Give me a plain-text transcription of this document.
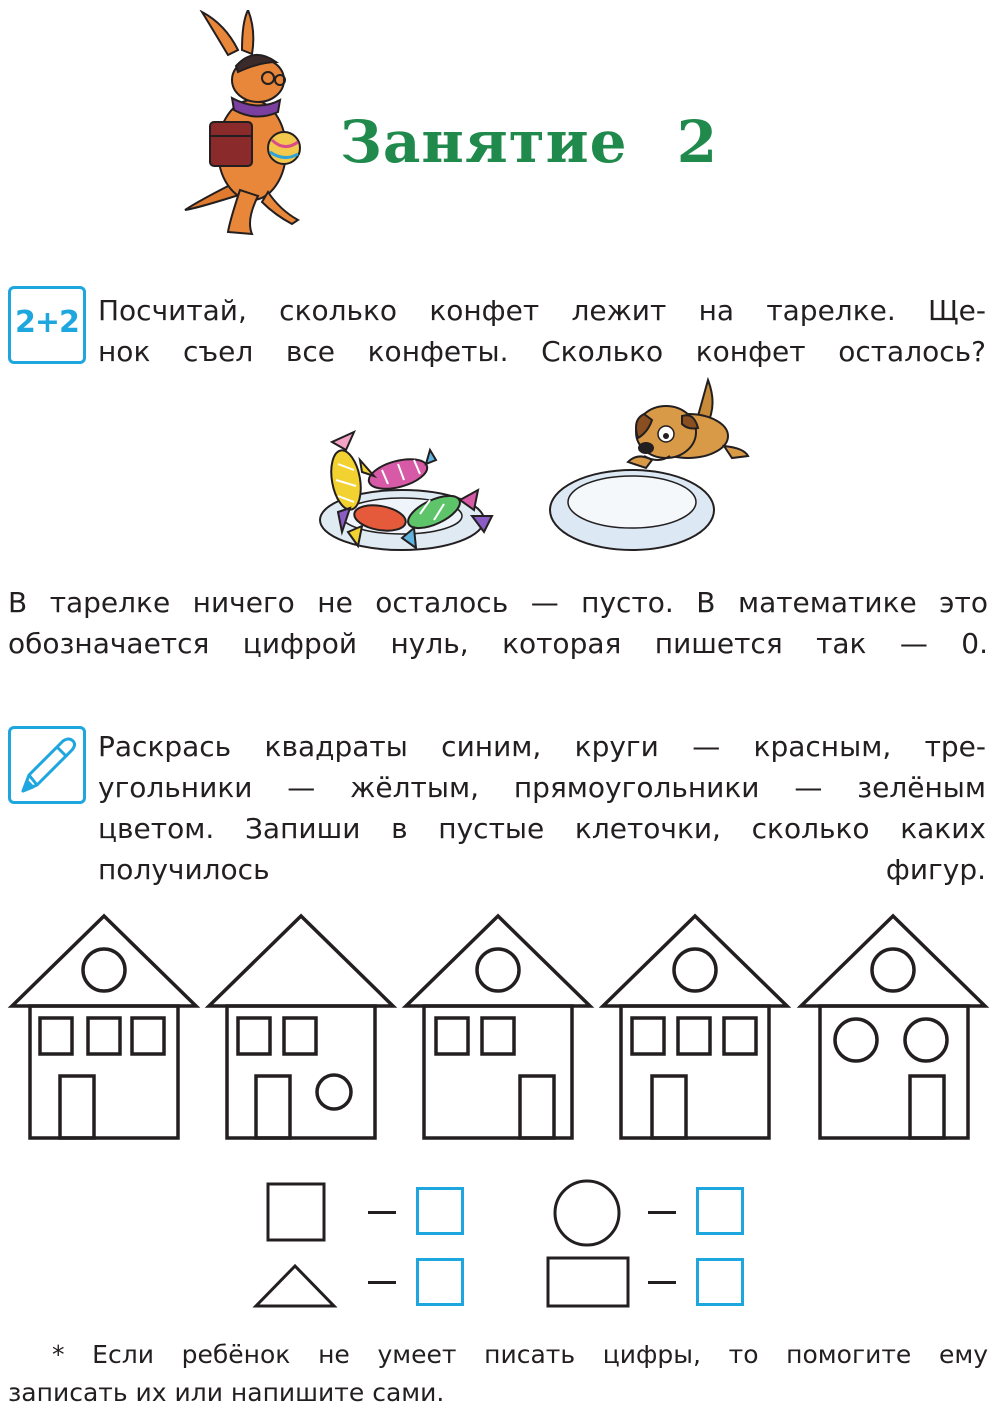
Занятие 2
2+2 Посчитай, сколько конфет лежит на тарелке. Ще-
нок съел все конфеты. Сколько конфет осталось?
В тарелке ничего не осталось — пусто. В математике это
обозначается цифрой нуль, которая пишется так — 0.
Раскрась квадраты синим, круги — красным, тре-
угольники — жёлтым, прямоугольники — зелёным
цветом. Запиши в пустые клеточки, сколько каких
получилось фигур.
* Если ребёнок не умеет писать цифры, то помогите ему
записать их или напишите сами.
